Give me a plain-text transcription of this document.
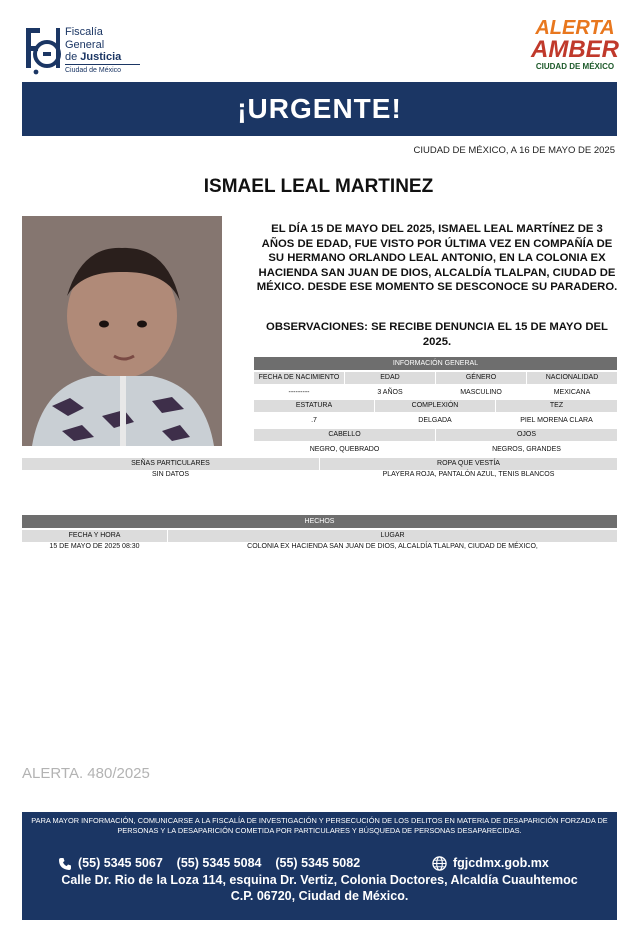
Fiscalía
General
de Justicia
Ciudad de México
ALERTA
AMBER
CIUDAD DE MÉXICO
¡URGENTE!
CIUDAD DE MÉXICO, A 16 DE MAYO DE 2025
ISMAEL LEAL MARTINEZ
EL DÍA 15 DE MAYO DEL 2025, ISMAEL LEAL MARTÍNEZ DE 3 AÑOS DE EDAD, FUE VISTO POR ÚLTIMA VEZ EN COMPAÑÍA DE SU HERMANO ORLANDO LEAL ANTONIO, EN LA COLONIA EX HACIENDA SAN JUAN DE DIOS, ALCALDÍA TLALPAN, CIUDAD DE MÉXICO. DESDE ESE MOMENTO SE DESCONOCE SU PARADERO.
OBSERVACIONES: SE RECIBE DENUNCIA EL 15 DE MAYO DEL 2025.
INFORMACIÓN GENERAL
FECHA DE NACIMIENTO	EDAD	GÉNERO	NACIONALIDAD
---------	3 AÑOS	MASCULINO	MEXICANA
ESTATURA	COMPLEXIÓN	TEZ
.7	DELGADA	PIEL MORENA CLARA
CABELLO	OJOS
NEGRO, QUEBRADO	NEGROS, GRANDES
SEÑAS PARTICULARES	ROPA QUE VESTÍA
SIN DATOS	PLAYERA ROJA, PANTALÓN AZUL, TENIS BLANCOS
HECHOS
FECHA Y HORA	LUGAR
15 DE MAYO DE 2025 08:30	COLONIA EX HACIENDA SAN JUAN DE DIOS, ALCALDÍA TLALPAN, CIUDAD DE MÉXICO,
ALERTA. 480/2025
PARA MAYOR INFORMACIÓN, COMUNICARSE A LA FISCALÍA DE INVESTIGACIÓN Y PERSECUCIÓN DE LOS DELITOS EN MATERIA DE DESAPARICIÓN FORZADA DE PERSONAS Y LA DESAPARICIÓN COMETIDA POR PARTICULARES Y BÚSQUEDA DE PERSONAS DESAPARECIDAS.
(55) 5345 5067    (55) 5345 5084    (55) 5345 5082	fgjcdmx.gob.mx
Calle Dr. Rio de la Loza 114, esquina Dr. Vertiz, Colonia Doctores, Alcaldía Cuauhtemoc
C.P. 06720, Ciudad de México.
